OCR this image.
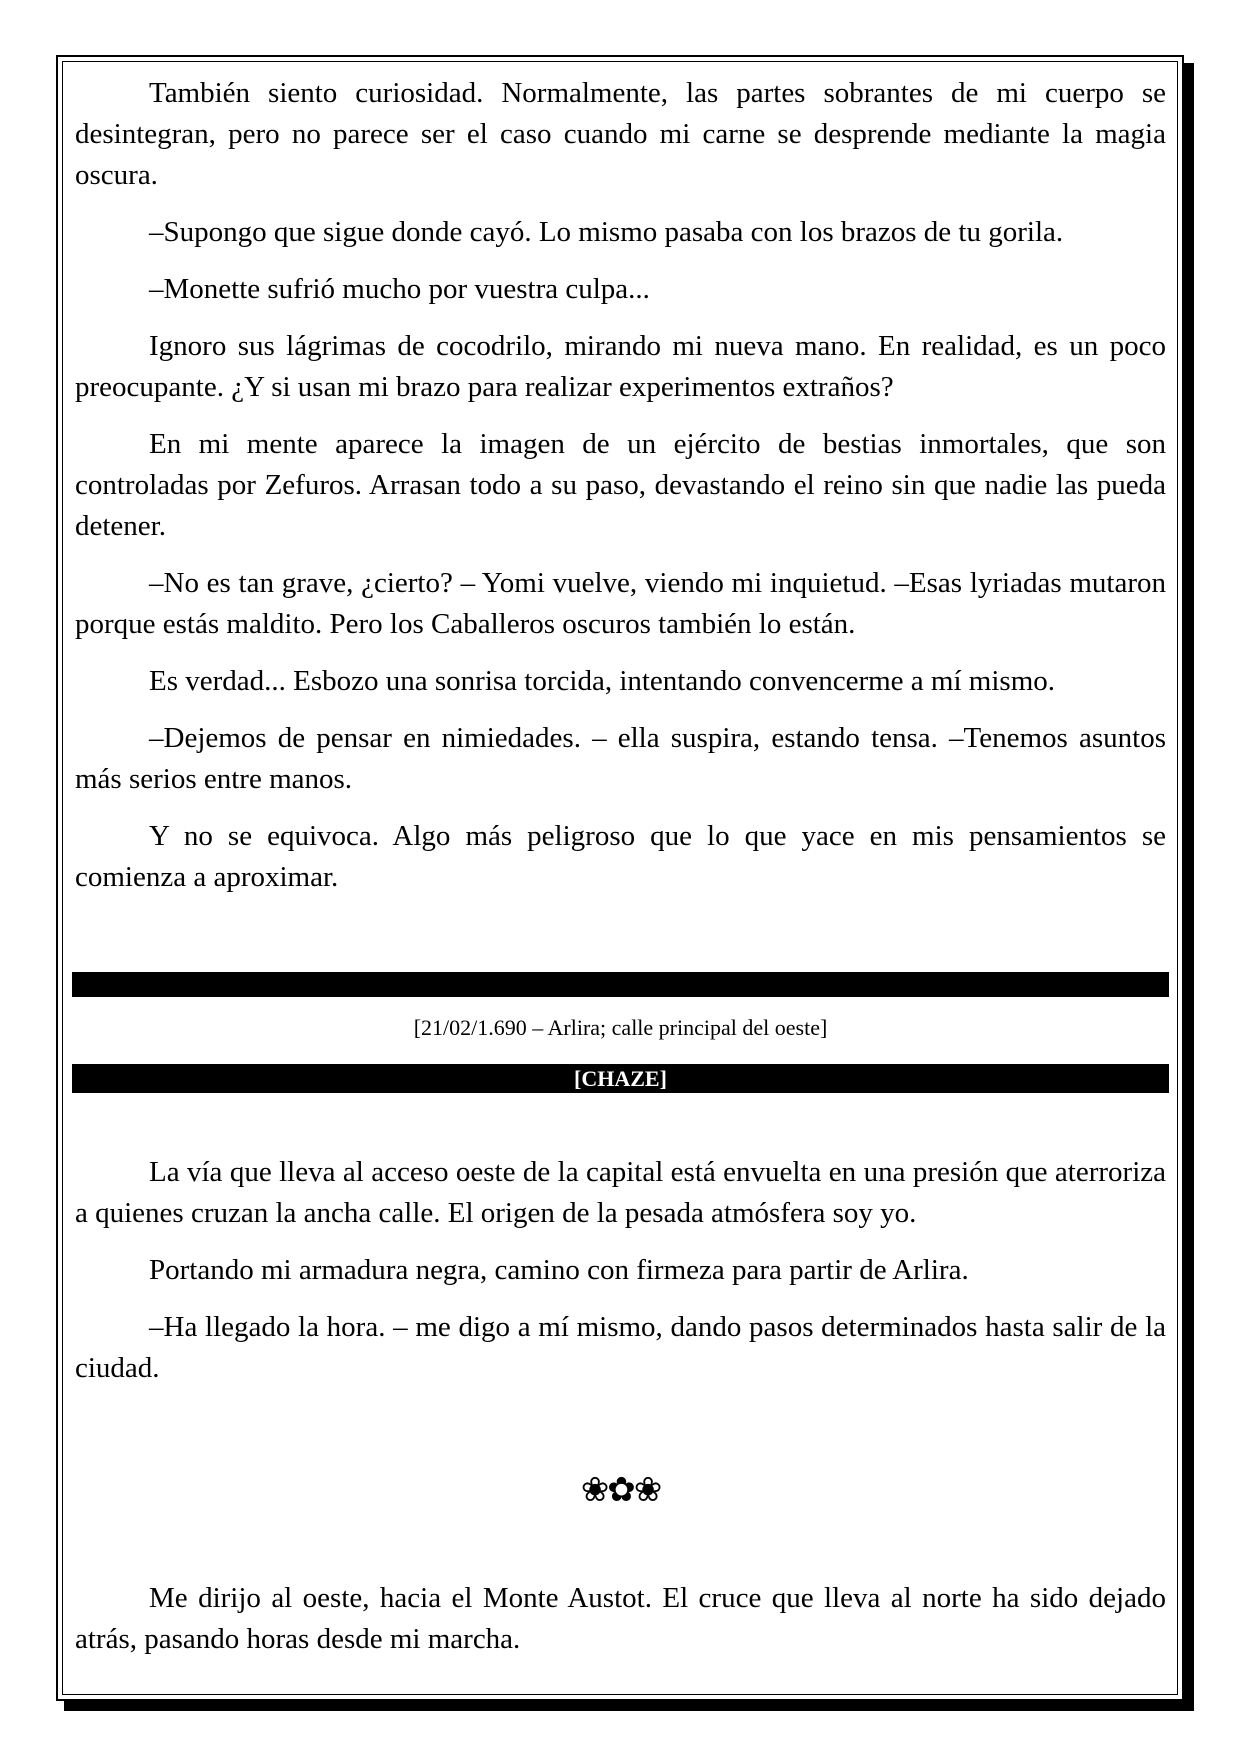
También siento curiosidad. Normalmente, las partes sobrantes de mi cuerpo se desintegran, pero no parece ser el caso cuando mi carne se desprende mediante la magia oscura.

–Supongo que sigue donde cayó. Lo mismo pasaba con los brazos de tu gorila.

–Monette sufrió mucho por vuestra culpa...

Ignoro sus lágrimas de cocodrilo, mirando mi nueva mano. En realidad, es un poco preocupante. ¿Y si usan mi brazo para realizar experimentos extraños?

En mi mente aparece la imagen de un ejército de bestias inmortales, que son controladas por Zefuros. Arrasan todo a su paso, devastando el reino sin que nadie las pueda detener.

–No es tan grave, ¿cierto? – Yomi vuelve, viendo mi inquietud. –Esas lyriadas mutaron porque estás maldito. Pero los Caballeros oscuros también lo están.

Es verdad... Esbozo una sonrisa torcida, intentando convencerme a mí mismo.

–Dejemos de pensar en nimiedades. – ella suspira, estando tensa. –Tenemos asuntos más serios entre manos.

Y no se equivoca. Algo más peligroso que lo que yace en mis pensamientos se comienza a aproximar.

[21/02/1.690 – Arlira; calle principal del oeste]
[CHAZE]

La vía que lleva al acceso oeste de la capital está envuelta en una presión que aterroriza a quienes cruzan la ancha calle. El origen de la pesada atmósfera soy yo.

Portando mi armadura negra, camino con firmeza para partir de Arlira.

–Ha llegado la hora. – me digo a mí mismo, dando pasos determinados hasta salir de la ciudad.

❀✿❀

Me dirijo al oeste, hacia el Monte Austot. El cruce que lleva al norte ha sido dejado atrás, pasando horas desde mi marcha.
